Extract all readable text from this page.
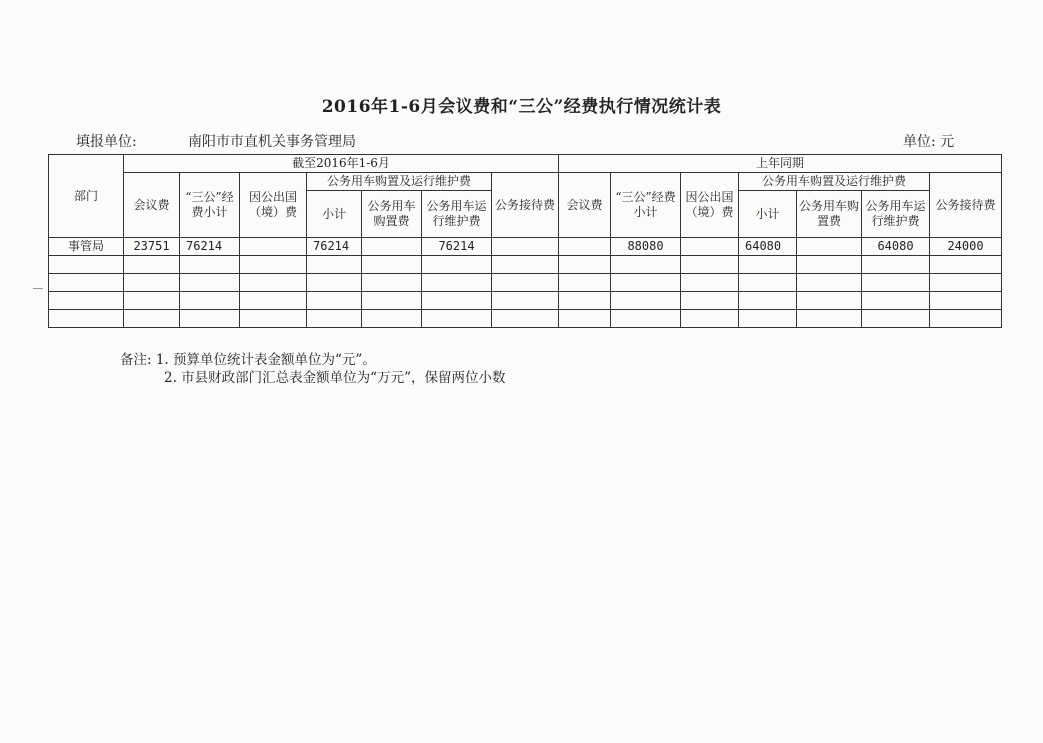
2016年1-6月会议费和“三公”经费执行情况统计表
填报单位:	南阳市市直机关事务管理局	单位: 元
部门	截至2016年1-6月							上年同期						
	会议费	“三公”经费小计	因公出国（境）费	公务用车购置及运行维护费			公务接待费	会议费	“三公”经费小计	因公出国（境）费	公务用车购置及运行维护费			公务接待费
				小计	公务用车购置费	公务用车运行维护费					小计	公务用车购置费	公务用车运行维护费	
事管局	23751	76214		76214		76214			88080		64080		64080	24000

备注: 1. 预算单位统计表金额单位为“元”。
2. 市县财政部门汇总表金额单位为“万元”，保留两位小数
